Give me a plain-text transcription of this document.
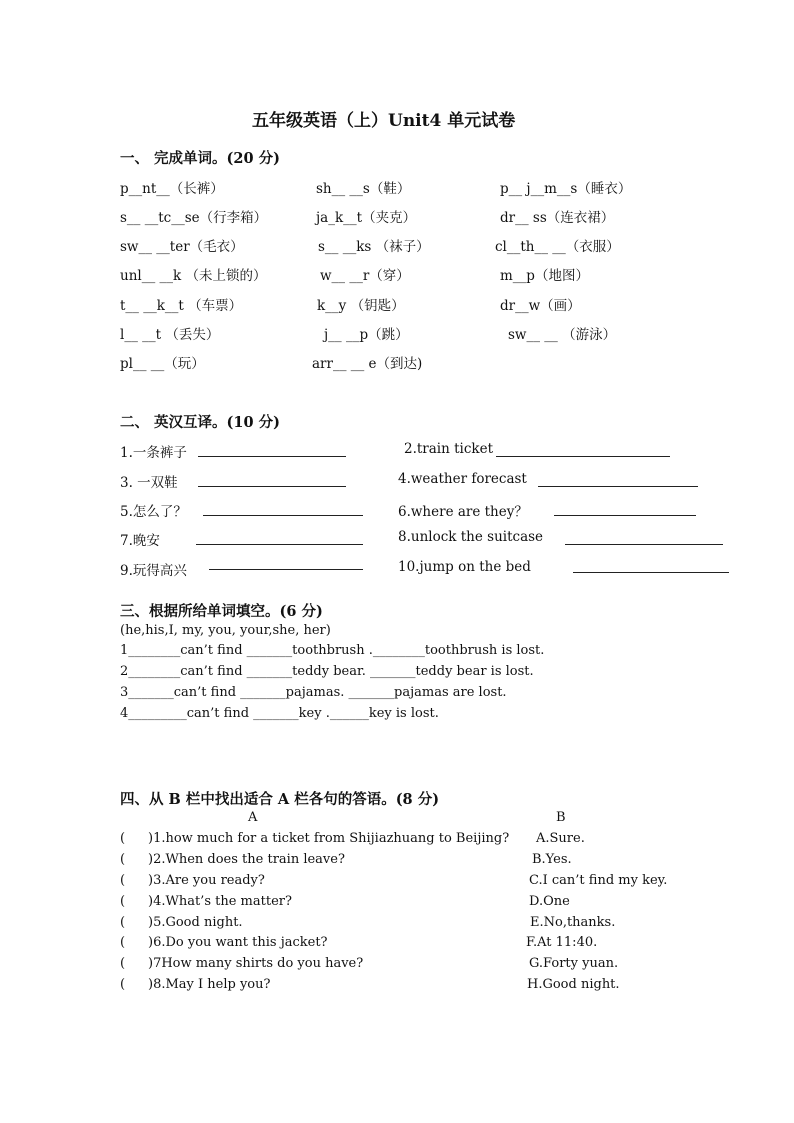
五年级英语（上）Unit4 单元试卷
一、 完成单词。(20 分)
p__nt__（长裤）	sh__ __s（鞋）	p__ j__m__s（睡衣）
s__ __tc__se（行李箱）	ja_k__t（夹克）	dr__ ss（连衣裙）
sw__ __ter（毛衣）	s__ __ks （袜子）	cl__th__ __（衣服）
unl__ __k （未上锁的）	w__ __r（穿）	m__p（地图）
t__ __k__t （车票）	k__y （钥匙）	dr__w（画）
l__ __t （丢失）	j__ __p（跳）	sw__ __ （游泳）
pl__ __（玩）	arr__ __ e（到达)
二、 英汉互译。(10 分)
1.一条裤子	2.train ticket
3. 一双鞋	4.weather forecast
5.怎么了？	6.where are they？
7.晚安	8.unlock the suitcase
9.玩得高兴	10.jump on the bed
三、根据所给单词填空。(6 分)
(he,his,I, my, you, your,she, her)
1________can’t find _______toothbrush .________toothbrush is lost.
2________can’t find _______teddy bear. _______teddy bear is lost.
3_______can’t find _______pajamas. _______pajamas are lost.
4_________can’t find _______key .______key is lost.
四、从 B 栏中找出适合 A 栏各句的答语。(8 分)
A	B
( )1.how much for a ticket from Shijiazhuang to Beijing? A.Sure.
( )2.When does the train leave?	B.Yes.
( )3.Are you ready?	C.I can’t find my key.
( )4.What’s the matter?	D.One
( )5.Good night.	E.No,thanks.
( )6.Do you want this jacket?	F.At 11:40.
( )7How many shirts do you have?	G.Forty yuan.
( )8.May I help you?	H.Good night.
